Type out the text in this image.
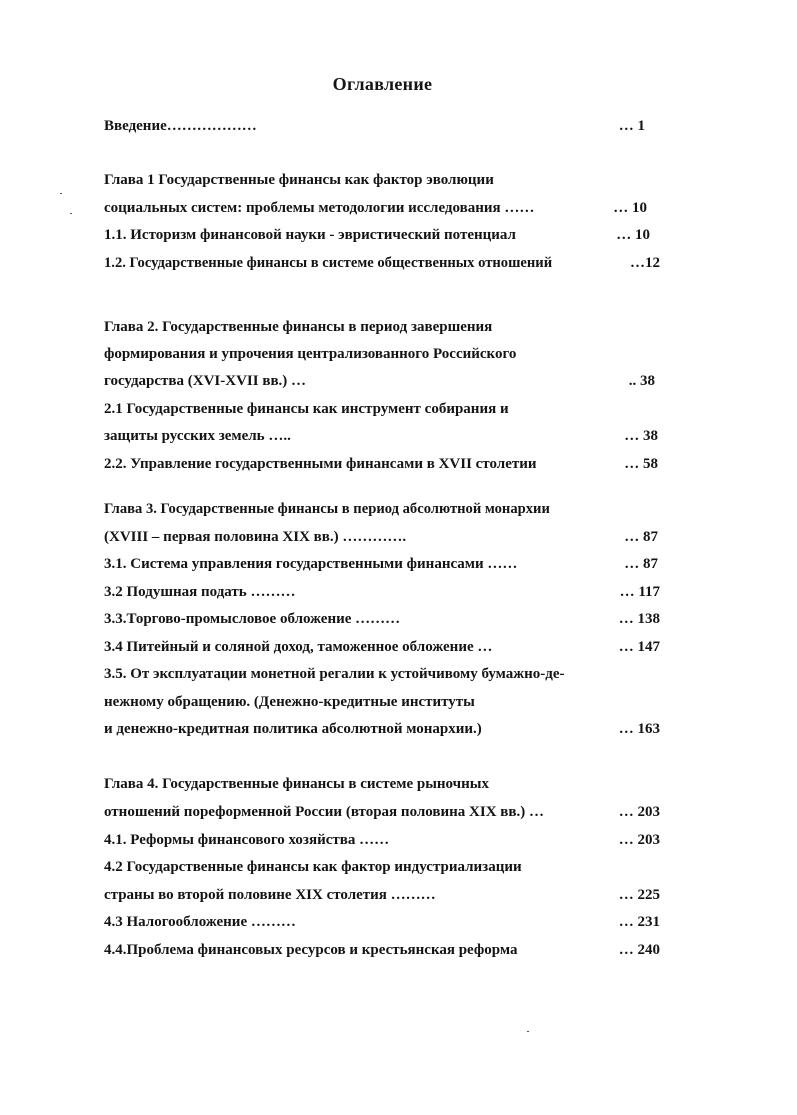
Оглавление
Введение………………	… 1
Глава 1 Государственные финансы как фактор эволюции
социальных систем: проблемы методологии исследования ……	… 10
1.1. Историзм финансовой науки - эвристический потенциал	… 10
1.2. Государственные финансы в системе общественных отношений	…12
Глава 2. Государственные финансы в период завершения
формирования и упрочения централизованного Российского
государства (XVI-XVII вв.) …	.. 38
2.1 Государственные финансы как инструмент собирания и
защиты русских земель …..	… 38
2.2. Управление государственными финансами в XVII столетии	… 58
Глава 3. Государственные финансы в период абсолютной монархии
(XVIII – первая половина XIX вв.) ………….	… 87
3.1. Система управления государственными финансами ……	… 87
3.2 Подушная подать ………	… 117
3.3.Торгово-промысловое обложение ………	… 138
3.4 Питейный и соляной доход, таможенное обложение …	… 147
3.5. От эксплуатации монетной регалии к устойчивому бумажно-де-
нежному обращению. (Денежно-кредитные институты
и денежно-кредитная политика абсолютной монархии.)	… 163
Глава 4. Государственные финансы в системе рыночных
отношений пореформенной России (вторая половина XIX вв.) …	… 203
4.1. Реформы финансового хозяйства ……	… 203
4.2 Государственные финансы как фактор индустриализации
страны во второй половине XIX столетия ………	… 225
4.3 Налогообложение ………	… 231
4.4.Проблема финансовых ресурсов и крестьянская реформа	… 240
